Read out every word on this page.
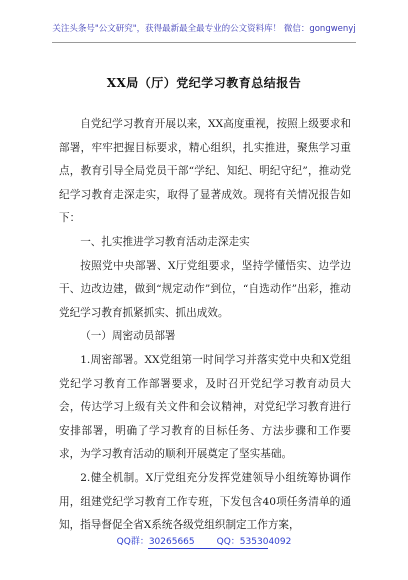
关注头条号"公文研究"，获得最新最全最专业的公文资料库！ 微信：gongwenyj
XX局（厅）党纪学习教育总结报告

自党纪学习教育开展以来，XX高度重视，按照上级要求和部署，牢牢把握目标要求，精心组织，扎实推进，聚焦学习重点，教育引导全局党员干部“学纪、知纪、明纪守纪”，推动党纪学习教育走深走实，取得了显著成效。现将有关情况报告如下：

一、扎实推进学习教育活动走深走实

按照党中央部署、X厅党组要求，坚持学懂悟实、边学边干、边改边建，做到“规定动作”到位，“自选动作”出彩，推动党纪学习教育抓紧抓实、抓出成效。

（一）周密动员部署

1.周密部署。XX党组第一时间学习并落实党中央和X党组党纪学习教育工作部署要求，及时召开党纪学习教育动员大会，传达学习上级有关文件和会议精神，对党纪学习教育进行安排部署，明确了学习教育的目标任务、方法步骤和工作要求，为学习教育活动的顺利开展奠定了坚实基础。

2.健全机制。X厅党组充分发挥党建领导小组统筹协调作用，组建党纪学习教育工作专班，下发包含40项任务清单的通知，指导督促全省X系统各级党组织制定工作方案，

QQ群：30265665 QQ：535304092
